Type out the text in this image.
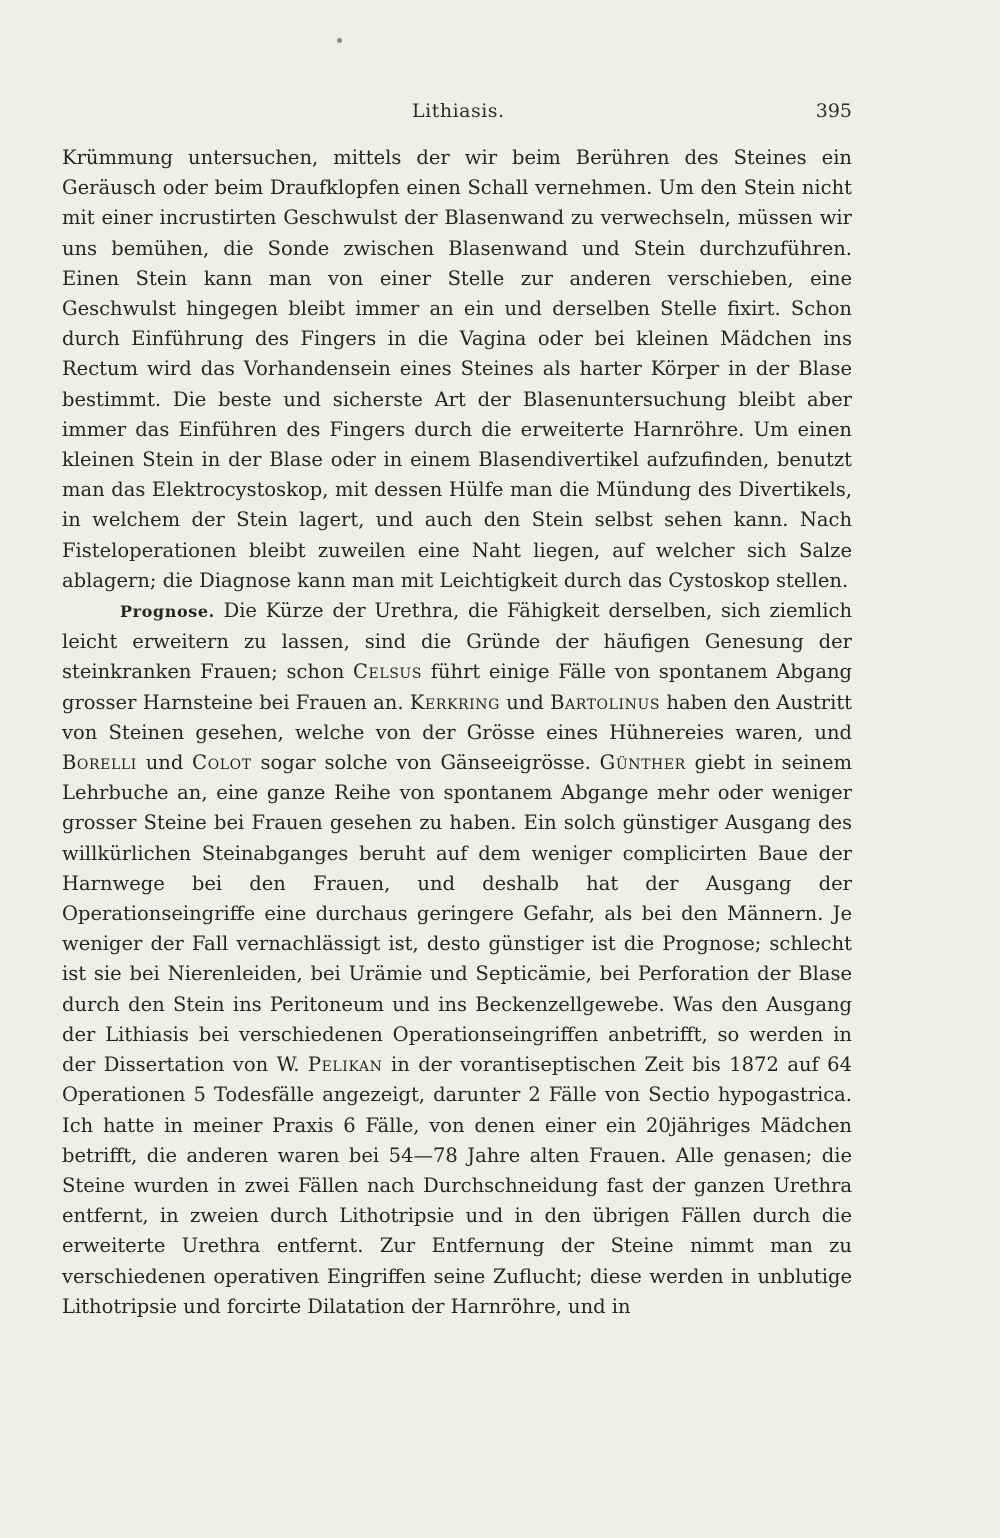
Lithiasis.	395

Krümmung untersuchen, mittels der wir beim Berühren des Steines ein Geräusch oder beim Draufklopfen einen Schall vernehmen. Um den Stein nicht mit einer incrustirten Geschwulst der Blasenwand zu verwechseln, müssen wir uns bemühen, die Sonde zwischen Blasenwand und Stein durchzuführen. Einen Stein kann man von einer Stelle zur anderen verschieben, eine Geschwulst hingegen bleibt immer an ein und derselben Stelle fixirt. Schon durch Einführung des Fingers in die Vagina oder bei kleinen Mädchen ins Rectum wird das Vorhandensein eines Steines als harter Körper in der Blase bestimmt. Die beste und sicherste Art der Blasenuntersuchung bleibt aber immer das Einführen des Fingers durch die erweiterte Harnröhre. Um einen kleinen Stein in der Blase oder in einem Blasendivertikel aufzufinden, benutzt man das Elektrocystoskop, mit dessen Hülfe man die Mündung des Divertikels, in welchem der Stein lagert, und auch den Stein selbst sehen kann. Nach Fisteloperationen bleibt zuweilen eine Naht liegen, auf welcher sich Salze ablagern; die Diagnose kann man mit Leichtigkeit durch das Cystoskop stellen.

Prognose. Die Kürze der Urethra, die Fähigkeit derselben, sich ziemlich leicht erweitern zu lassen, sind die Gründe der häufigen Genesung der steinkranken Frauen; schon Celsus führt einige Fälle von spontanem Abgang grosser Harnsteine bei Frauen an. Kerkring und Bartolinus haben den Austritt von Steinen gesehen, welche von der Grösse eines Hühnereies waren, und Borelli und Colot sogar solche von Gänseeigrösse. Günther giebt in seinem Lehrbuche an, eine ganze Reihe von spontanem Abgange mehr oder weniger grosser Steine bei Frauen gesehen zu haben. Ein solch günstiger Ausgang des willkürlichen Steinabganges beruht auf dem weniger complicirten Baue der Harnwege bei den Frauen, und deshalb hat der Ausgang der Operationseingriffe eine durchaus geringere Gefahr, als bei den Männern. Je weniger der Fall vernachlässigt ist, desto günstiger ist die Prognose; schlecht ist sie bei Nierenleiden, bei Urämie und Septicämie, bei Perforation der Blase durch den Stein ins Peritoneum und ins Beckenzellgewebe. Was den Ausgang der Lithiasis bei verschiedenen Operationseingriffen anbetrifft, so werden in der Dissertation von W. Pelikan in der vorantiseptischen Zeit bis 1872 auf 64 Operationen 5 Todesfälle angezeigt, darunter 2 Fälle von Sectio hypogastrica. Ich hatte in meiner Praxis 6 Fälle, von denen einer ein 20jähriges Mädchen betrifft, die anderen waren bei 54—78 Jahre alten Frauen. Alle genasen; die Steine wurden in zwei Fällen nach Durchschneidung fast der ganzen Urethra entfernt, in zweien durch Lithotripsie und in den übrigen Fällen durch die erweiterte Urethra entfernt. Zur Entfernung der Steine nimmt man zu verschiedenen operativen Eingriffen seine Zuflucht; diese werden in unblutige Lithotripsie und forcirte Dilatation der Harnröhre, und in
